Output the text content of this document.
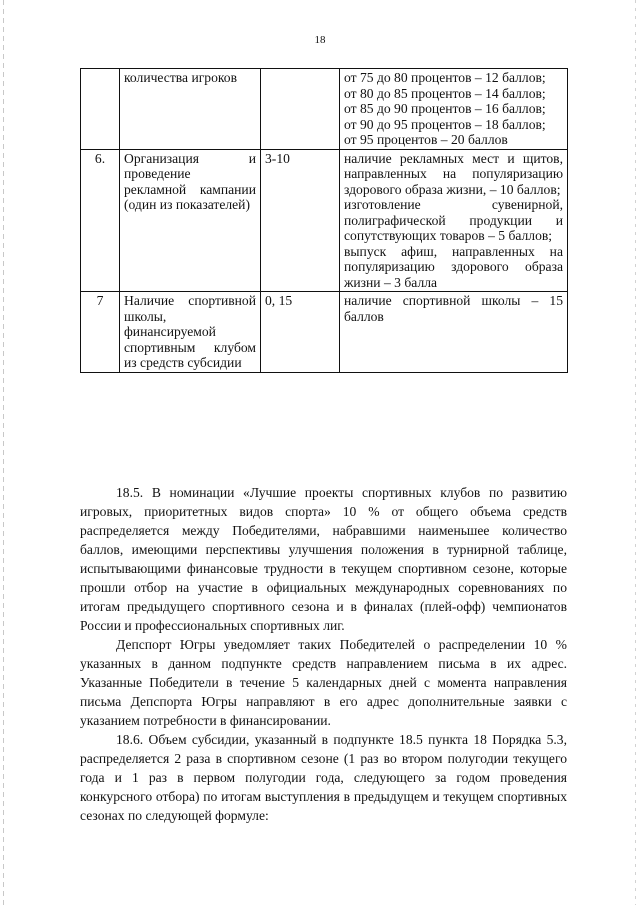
18

	количества игроков		от 75 до 80 процентов – 12 баллов;
от 80 до 85 процентов – 14 баллов;
от 85 до 90 процентов – 16 баллов;
от 90 до 95 процентов – 18 баллов;
от 95 процентов – 20 баллов

6.	Организация и проведение рекламной кампании (один из показателей)	3-10	наличие рекламных мест и щитов, направленных на популяризацию здорового образа жизни, – 10 баллов;
изготовление сувенирной, полиграфической продукции и сопутствующих товаров – 5 баллов;
выпуск афиш, направленных на популяризацию здорового образа жизни – 3 балла

7	Наличие спортивной школы, финансируемой спортивным клубом из средств субсидии	0, 15	наличие спортивной школы – 15 баллов

18.5. В номинации «Лучшие проекты спортивных клубов по развитию игровых, приоритетных видов спорта» 10 % от общего объема средств распределяется между Победителями, набравшими наименьшее количество баллов, имеющими перспективы улучшения положения в турнирной таблице, испытывающими финансовые трудности в текущем спортивном сезоне, которые прошли отбор на участие в официальных международных соревнованиях по итогам предыдущего спортивного сезона и в финалах (плей-офф) чемпионатов России и профессиональных спортивных лиг.

Депспорт Югры уведомляет таких Победителей о распределении 10 % указанных в данном подпункте средств направлением письма в их адрес. Указанные Победители в течение 5 календарных дней с момента направления письма Депспорта Югры направляют в его адрес дополнительные заявки с указанием потребности в финансировании.

18.6. Объем субсидии, указанный в подпункте 18.5 пункта 18 Порядка 5.3, распределяется 2 раза в спортивном сезоне (1 раз во втором полугодии текущего года и 1 раз в первом полугодии года, следующего за годом проведения конкурсного отбора) по итогам выступления в предыдущем и текущем спортивных сезонах по следующей формуле:
